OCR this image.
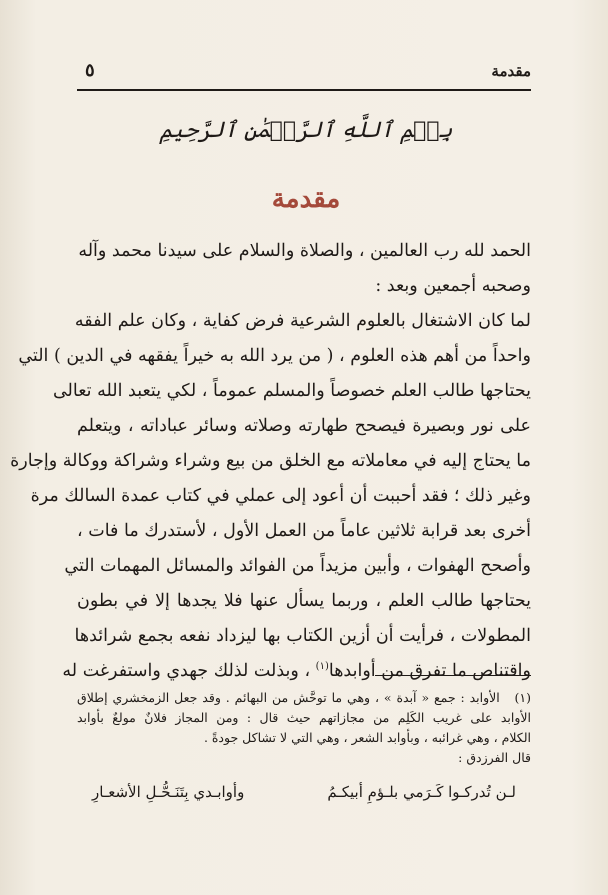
مقدمة
٥
بِسۡمِ ٱللَّهِ ٱلرَّحۡمَٰنِ ٱلرَّحِيمِ
مقدمة
الحمد لله رب العالمين ، والصلاة والسلام على سيدنا محمد وآله
وصحبه أجمعين وبعد :
لما كان الاشتغال بالعلوم الشرعية فرض كفاية ، وكان علم الفقه
واحداً من أهم هذه العلوم ، ( من يرد الله به خيراً يفقهه في الدين ) التي
يحتاجها طالب العلم خصوصاً والمسلم عموماً ، لكي يتعبد الله تعالى
على نور وبصيرة فيصحح طهارته وصلاته وسائر عباداته ، ويتعلم
ما يحتاج إليه في معاملاته مع الخلق من بيع وشراء وشراكة ووكالة وإجارة
وغير ذلك ؛ فقد أحببت أن أعود إلى عملي في كتاب عمدة السالك مرة
أخرى بعد قرابة ثلاثين عاماً من العمل الأول ، لأستدرك ما فات ،
وأصحح الهفوات ، وأبين مزيداً من الفوائد والمسائل المهمات التي
يحتاجها طالب العلم ، وربما يسأل عنها فلا يجدها إلا في بطون
المطولات ، فرأيت أن أزين الكتاب بها ليزداد نفعه بجمع شرائدها
واقتناص ما تفرق من أوابدها$^{(١)}$ ، وبذلت لذلك جهدي واستفرغت له
(١)   الأوابد : جمع « آبدة » ، وهي ما توحَّش من البهائم . وقد جعل الزمخشري إطلاق
الأوابد على غريب الكَلِم من مجازاتهم حيث قال : ومن المجاز فلانٌ مولعٌ بأوابد
الكلام ، وهي غرائبه ، وبأوابد الشعر ، وهي التي لا تشاكل جودةً .
قال الفرزدق :
لـن تُدركـوا كَـرَمي بلـؤمِ أبيكـمُ
وأوابـدي بِتَنَـحُّـلِ الأشعـارِ
